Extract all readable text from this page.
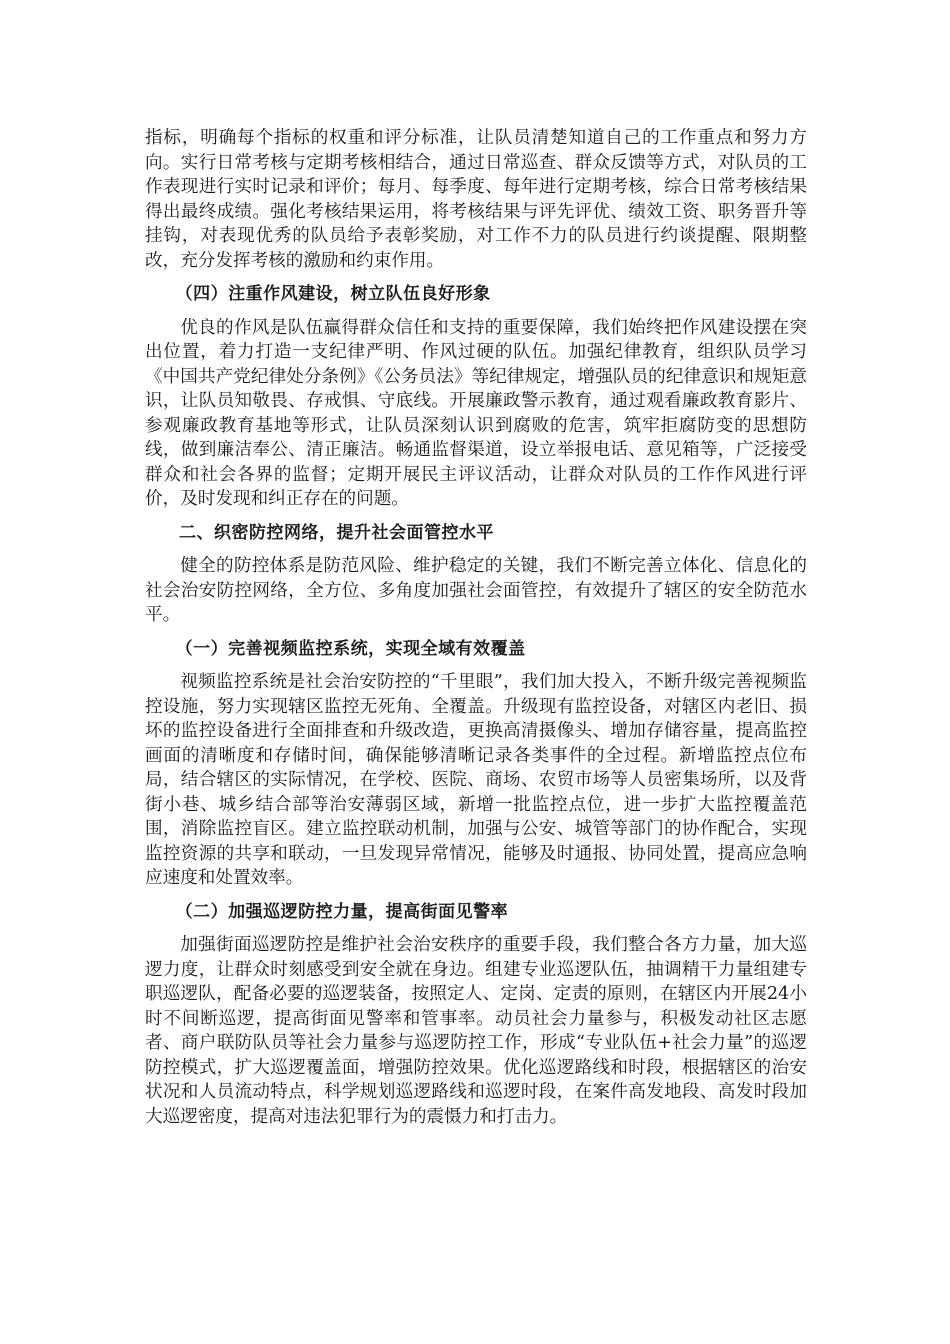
指标，明确每个指标的权重和评分标准，让队员清楚知道自己的工作重点和努力方向。实行日常考核与定期考核相结合，通过日常巡查、群众反馈等方式，对队员的工作表现进行实时记录和评价；每月、每季度、每年进行定期考核，综合日常考核结果得出最终成绩。强化考核结果运用，将考核结果与评先评优、绩效工资、职务晋升等挂钩，对表现优秀的队员给予表彰奖励，对工作不力的队员进行约谈提醒、限期整改，充分发挥考核的激励和约束作用。

（四）注重作风建设，树立队伍良好形象

优良的作风是队伍赢得群众信任和支持的重要保障，我们始终把作风建设摆在突出位置，着力打造一支纪律严明、作风过硬的队伍。加强纪律教育，组织队员学习《中国共产党纪律处分条例》《公务员法》等纪律规定，增强队员的纪律意识和规矩意识，让队员知敬畏、存戒惧、守底线。开展廉政警示教育，通过观看廉政教育影片、参观廉政教育基地等形式，让队员深刻认识到腐败的危害，筑牢拒腐防变的思想防线，做到廉洁奉公、清正廉洁。畅通监督渠道，设立举报电话、意见箱等，广泛接受群众和社会各界的监督；定期开展民主评议活动，让群众对队员的工作作风进行评价，及时发现和纠正存在的问题。

二、织密防控网络，提升社会面管控水平

健全的防控体系是防范风险、维护稳定的关键，我们不断完善立体化、信息化的社会治安防控网络，全方位、多角度加强社会面管控，有效提升了辖区的安全防范水平。

（一）完善视频监控系统，实现全域有效覆盖

视频监控系统是社会治安防控的“千里眼”，我们加大投入，不断升级完善视频监控设施，努力实现辖区监控无死角、全覆盖。升级现有监控设备，对辖区内老旧、损坏的监控设备进行全面排查和升级改造，更换高清摄像头、增加存储容量，提高监控画面的清晰度和存储时间，确保能够清晰记录各类事件的全过程。新增监控点位布局，结合辖区的实际情况，在学校、医院、商场、农贸市场等人员密集场所，以及背街小巷、城乡结合部等治安薄弱区域，新增一批监控点位，进一步扩大监控覆盖范围，消除监控盲区。建立监控联动机制，加强与公安、城管等部门的协作配合，实现监控资源的共享和联动，一旦发现异常情况，能够及时通报、协同处置，提高应急响应速度和处置效率。

（二）加强巡逻防控力量，提高街面见警率

加强街面巡逻防控是维护社会治安秩序的重要手段，我们整合各方力量，加大巡逻力度，让群众时刻感受到安全就在身边。组建专业巡逻队伍，抽调精干力量组建专职巡逻队，配备必要的巡逻装备，按照定人、定岗、定责的原则，在辖区内开展24小时不间断巡逻，提高街面见警率和管事率。动员社会力量参与，积极发动社区志愿者、商户联防队员等社会力量参与巡逻防控工作，形成“专业队伍+社会力量”的巡逻防控模式，扩大巡逻覆盖面，增强防控效果。优化巡逻路线和时段，根据辖区的治安状况和人员流动特点，科学规划巡逻路线和巡逻时段，在案件高发地段、高发时段加大巡逻密度，提高对违法犯罪行为的震慑力和打击力。
